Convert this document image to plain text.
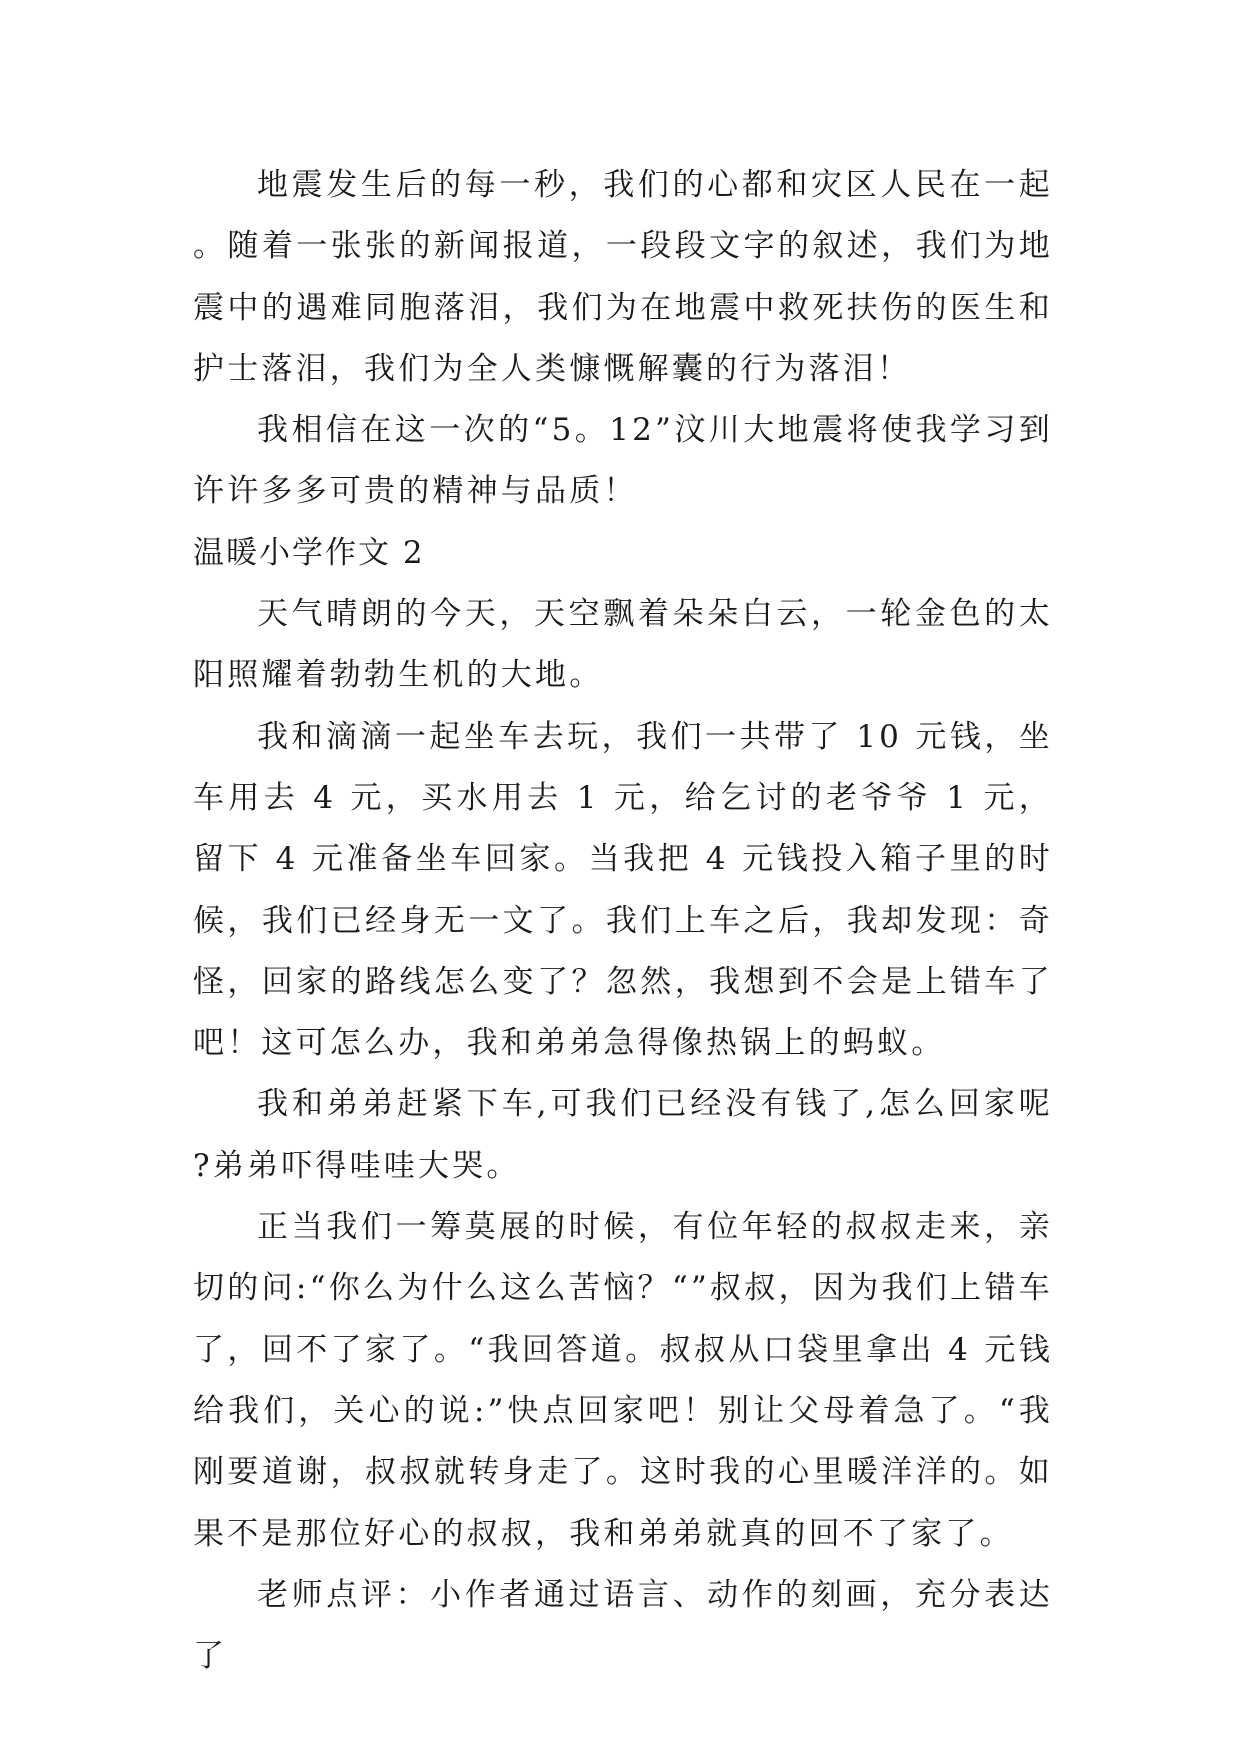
地震发生后的每一秒，我们的心都和灾区人民在一起。随着一张张的新闻报道，一段段文字的叙述，我们为地震中的遇难同胞落泪，我们为在地震中救死扶伤的医生和护士落泪，我们为全人类慷慨解囊的行为落泪！

我相信在这一次的“5。12”汶川大地震将使我学习到许许多多可贵的精神与品质！

温暖小学作文 2

天气晴朗的今天，天空飘着朵朵白云，一轮金色的太阳照耀着勃勃生机的大地。

我和滴滴一起坐车去玩，我们一共带了 10 元钱，坐车用去 4 元，买水用去 1 元，给乞讨的老爷爷 1 元，留下 4 元准备坐车回家。当我把 4 元钱投入箱子里的时候，我们已经身无一文了。我们上车之后，我却发现：奇怪，回家的路线怎么变了？忽然，我想到不会是上错车了吧！这可怎么办，我和弟弟急得像热锅上的蚂蚁。

我和弟弟赶紧下车,可我们已经没有钱了,怎么回家呢?弟弟吓得哇哇大哭。

正当我们一筹莫展的时候，有位年轻的叔叔走来，亲切的问:“你么为什么这么苦恼？“”叔叔，因为我们上错车了，回不了家了。“我回答道。叔叔从口袋里拿出 4 元钱给我们，关心的说:”快点回家吧！别让父母着急了。“我刚要道谢，叔叔就转身走了。这时我的心里暖洋洋的。如果不是那位好心的叔叔，我和弟弟就真的回不了家了。

老师点评：小作者通过语言、动作的刻画，充分表达了
